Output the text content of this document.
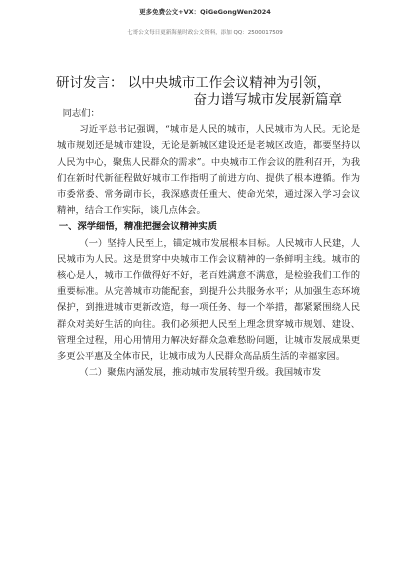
更多免费公文+VX：QiGeGongWen2024
七哥公文每日更新海量时政公文资料，添加 QQ：2500017509
研讨发言： 以中央城市工作会议精神为引领，
奋力谱写城市发展新篇章

同志们：

习近平总书记强调，“城市是人民的城市，人民城市为人民。无论是城市规划还是城市建设，无论是新城区建设还是老城区改造，都要坚持以人民为中心，聚焦人民群众的需求”。中央城市工作会议的胜利召开，为我们在新时代新征程做好城市工作指明了前进方向、提供了根本遵循。作为市委常委、常务副市长，我深感责任重大、使命光荣，通过深入学习会议精神，结合工作实际，谈几点体会。

一、深学细悟，精准把握会议精神实质

（一）坚持人民至上，锚定城市发展根本目标。人民城市人民建，人民城市为人民。这是贯穿中央城市工作会议精神的一条鲜明主线。城市的核心是人，城市工作做得好不好，老百姓满意不满意，是检验我们工作的重要标准。从完善城市功能配套，到提升公共服务水平；从加强生态环境保护，到推进城市更新改造，每一项任务、每一个举措，都紧紧围绕人民群众对美好生活的向往。我们必须把人民至上理念贯穿城市规划、建设、管理全过程，用心用情用力解决好群众急难愁盼问题，让城市发展成果更多更公平惠及全体市民，让城市成为人民群众高品质生活的幸福家园。

（二）聚焦内涵发展，推动城市发展转型升级。我国城市发
